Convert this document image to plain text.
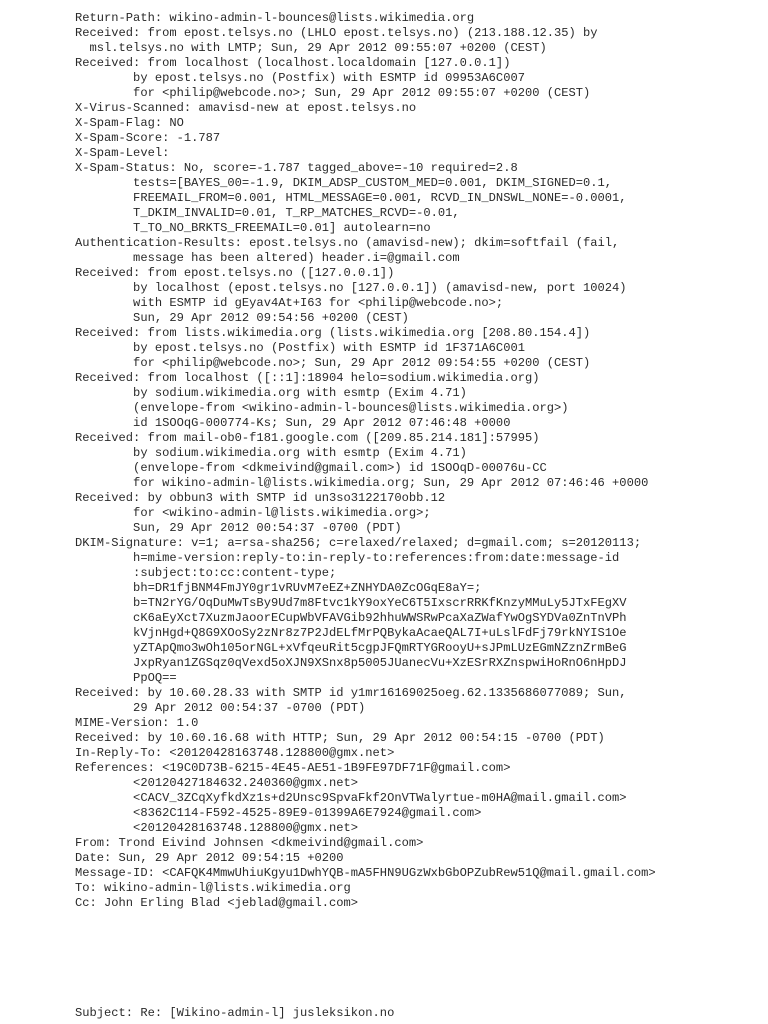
Return-Path: wikino-admin-l-bounces@lists.wikimedia.org
Received: from epost.telsys.no (LHLO epost.telsys.no) (213.188.12.35) by
msl.telsys.no with LMTP; Sun, 29 Apr 2012 09:55:07 +0200 (CEST)
Received: from localhost (localhost.localdomain [127.0.0.1])
by epost.telsys.no (Postfix) with ESMTP id 09953A6C007
for <philip@webcode.no>; Sun, 29 Apr 2012 09:55:07 +0200 (CEST)
X-Virus-Scanned: amavisd-new at epost.telsys.no
X-Spam-Flag: NO
X-Spam-Score: -1.787
X-Spam-Level:
X-Spam-Status: No, score=-1.787 tagged_above=-10 required=2.8
tests=[BAYES_00=-1.9, DKIM_ADSP_CUSTOM_MED=0.001, DKIM_SIGNED=0.1,
FREEMAIL_FROM=0.001, HTML_MESSAGE=0.001, RCVD_IN_DNSWL_NONE=-0.0001,
T_DKIM_INVALID=0.01, T_RP_MATCHES_RCVD=-0.01,
T_TO_NO_BRKTS_FREEMAIL=0.01] autolearn=no
Authentication-Results: epost.telsys.no (amavisd-new); dkim=softfail (fail,
message has been altered) header.i=@gmail.com
Received: from epost.telsys.no ([127.0.0.1])
by localhost (epost.telsys.no [127.0.0.1]) (amavisd-new, port 10024)
with ESMTP id gEyav4At+I63 for <philip@webcode.no>;
Sun, 29 Apr 2012 09:54:56 +0200 (CEST)
Received: from lists.wikimedia.org (lists.wikimedia.org [208.80.154.4])
by epost.telsys.no (Postfix) with ESMTP id 1F371A6C001
for <philip@webcode.no>; Sun, 29 Apr 2012 09:54:55 +0200 (CEST)
Received: from localhost ([::1]:18904 helo=sodium.wikimedia.org)
by sodium.wikimedia.org with esmtp (Exim 4.71)
(envelope-from <wikino-admin-l-bounces@lists.wikimedia.org>)
id 1SOOqG-000774-Ks; Sun, 29 Apr 2012 07:46:48 +0000
Received: from mail-ob0-f181.google.com ([209.85.214.181]:57995)
by sodium.wikimedia.org with esmtp (Exim 4.71)
(envelope-from <dkmeivind@gmail.com>) id 1SOOqD-00076u-CC
for wikino-admin-l@lists.wikimedia.org; Sun, 29 Apr 2012 07:46:46 +0000
Received: by obbun3 with SMTP id un3so3122170obb.12
for <wikino-admin-l@lists.wikimedia.org>;
Sun, 29 Apr 2012 00:54:37 -0700 (PDT)
DKIM-Signature: v=1; a=rsa-sha256; c=relaxed/relaxed; d=gmail.com; s=20120113;
h=mime-version:reply-to:in-reply-to:references:from:date:message-id
:subject:to:cc:content-type;
bh=DR1fjBNM4FmJY0gr1vRUvM7eEZ+ZNHYDA0ZcOGqE8aY=;
b=TN2rYG/OqDuMwTsBy9Ud7m8Ftvc1kY9oxYeC6T5IxscrRRKfKnzyMMuLy5JTxFEgXV
cK6aEyXct7XuzmJaoorECupWbVFAVGib92hhuWWSRwPcaXaZWafYwOgSYDVa0ZnTnVPh
kVjnHgd+Q8G9XOoSy2zNr8z7P2JdELfMrPQBykaAcaeQAL7I+uLslFdFj79rkNYIS1Oe
yZTApQmo3wOh105orNGL+xVfqeuRit5cgpJFQmRTYGRooyU+sJPmLUzEGmNZznZrmBeG
JxpRyan1ZGSqz0qVexd5oXJN9XSnx8p5005JUanecVu+XzESrRXZnspwiHoRnO6nHpDJ
PpOQ==
Received: by 10.60.28.33 with SMTP id y1mr16169025oeg.62.1335686077089; Sun,
29 Apr 2012 00:54:37 -0700 (PDT)
MIME-Version: 1.0
Received: by 10.60.16.68 with HTTP; Sun, 29 Apr 2012 00:54:15 -0700 (PDT)
In-Reply-To: <20120428163748.128800@gmx.net>
References: <19C0D73B-6215-4E45-AE51-1B9FE97DF71F@gmail.com>
<20120427184632.240360@gmx.net>
<CACV_3ZCqXyfkdXz1s+d2Unsc9SpvaFkf2OnVTWalyrtue-m0HA@mail.gmail.com>
<8362C114-F592-4525-89E9-01399A6E7924@gmail.com>
<20120428163748.128800@gmx.net>
From: Trond Eivind Johnsen <dkmeivind@gmail.com>
Date: Sun, 29 Apr 2012 09:54:15 +0200
Message-ID: <CAFQK4MmwUhiuKgyu1DwhYQB-mA5FHN9UGzWxbGbOPZubRew51Q@mail.gmail.com>
To: wikino-admin-l@lists.wikimedia.org
Cc: John Erling Blad <jeblad@gmail.com>
Subject: Re: [Wikino-admin-l] jusleksikon.no
